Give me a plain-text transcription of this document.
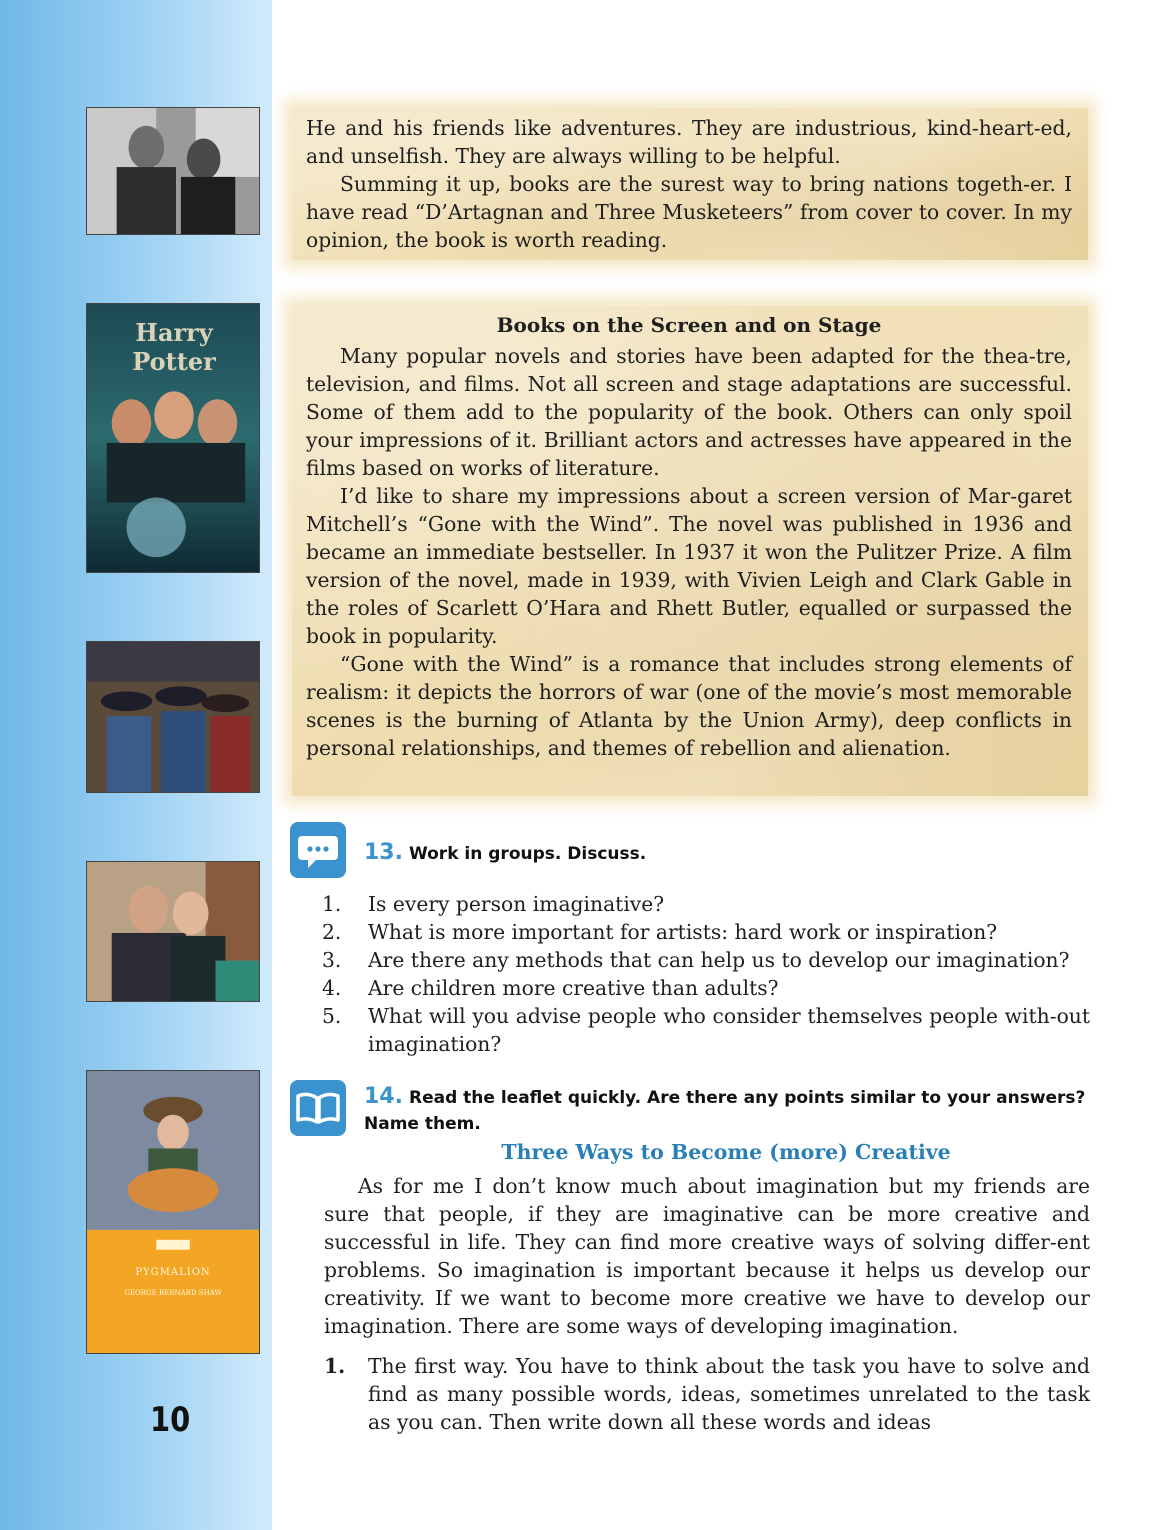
Harry Potter
PYGMALION
GEORGE BERNARD SHAW
10

He and his friends like adventures. They are industrious, kind-heart-ed, and unselfish. They are always willing to be helpful.

Summing it up, books are the surest way to bring nations togeth-er. I have read “D’Artagnan and Three Musketeers” from cover to cover. In my opinion, the book is worth reading.

Books on the Screen and on Stage

Many popular novels and stories have been adapted for the thea-tre, television, and films. Not all screen and stage adaptations are successful. Some of them add to the popularity of the book. Others can only spoil your impressions of it. Brilliant actors and actresses have appeared in the films based on works of literature.

I’d like to share my impressions about a screen version of Mar-garet Mitchell’s “Gone with the Wind”. The novel was published in 1936 and became an immediate bestseller. In 1937 it won the Pulitzer Prize. A film version of the novel, made in 1939, with Vivien Leigh and Clark Gable in the roles of Scarlett O’Hara and Rhett Butler, equalled or surpassed the book in popularity.

“Gone with the Wind” is a romance that includes strong elements of realism: it depicts the horrors of war (one of the movie’s most memorable scenes is the burning of Atlanta by the Union Army), deep conflicts in personal relationships, and themes of rebellion and alienation.

13. Work in groups. Discuss.
1.	Is every person imaginative?
2.	What is more important for artists: hard work or inspiration?
3.	Are there any methods that can help us to develop our imagination?
4.	Are children more creative than adults?
5.	What will you advise people who consider themselves people with-out imagination?
14. Read the leaflet quickly. Are there any points similar to your answers? Name them.
Three Ways to Become (more) Creative

As for me I don’t know much about imagination but my friends are sure that people, if they are imaginative can be more creative and successful in life. They can find more creative ways of solving differ-ent problems. So imagination is important because it helps us develop our creativity. If we want to become more creative we have to develop our imagination. There are some ways of developing imagination.

1.	The first way. You have to think about the task you have to solve and find as many possible words, ideas, sometimes unrelated to the task as you can. Then write down all these words and ideas
